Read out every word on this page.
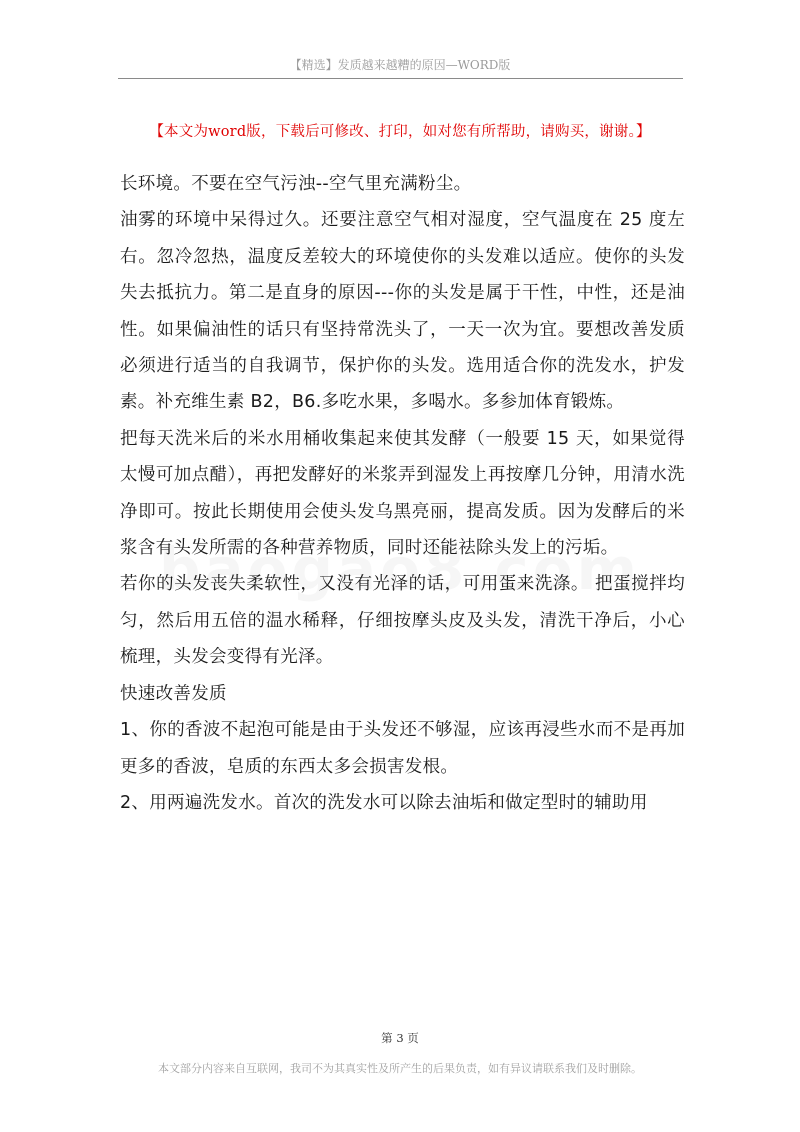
【精选】发质越来越糟的原因—WORD版
【本文为word版，下载后可修改、打印，如对您有所帮助，请购买，谢谢。】

长环境。不要在空气污浊--空气里充满粉尘。

油雾的环境中呆得过久。还要注意空气相对湿度，空气温度在 25 度左右。忽冷忽热，温度反差较大的环境使你的头发难以适应。使你的头发失去抵抗力。第二是直身的原因---你的头发是属于干性，中性，还是油性。如果偏油性的话只有坚持常洗头了，一天一次为宜。要想改善发质必须进行适当的自我调节，保护你的头发。选用适合你的洗发水，护发素。补充维生素 B2，B6.多吃水果，多喝水。多参加体育锻炼。

把每天洗米后的米水用桶收集起来使其发酵（一般要 15 天，如果觉得太慢可加点醋），再把发酵好的米浆弄到湿发上再按摩几分钟，用清水洗净即可。按此长期使用会使头发乌黑亮丽，提高发质。因为发酵后的米浆含有头发所需的各种营养物质，同时还能祛除头发上的污垢。

若你的头发丧失柔软性，又没有光泽的话，可用蛋来洗涤。 把蛋搅拌均匀，然后用五倍的温水稀释，仔细按摩头皮及头发，清洗干净后，小心梳理，头发会变得有光泽。

快速改善发质

1、你的香波不起泡可能是由于头发还不够湿，应该再浸些水而不是再加更多的香波，皂质的东西太多会损害发根。

2、用两遍洗发水。首次的洗发水可以除去油垢和做定型时的辅助用

第 3 页
本文部分内容来自互联网，我司不为其真实性及所产生的后果负责，如有异议请联系我们及时删除。
